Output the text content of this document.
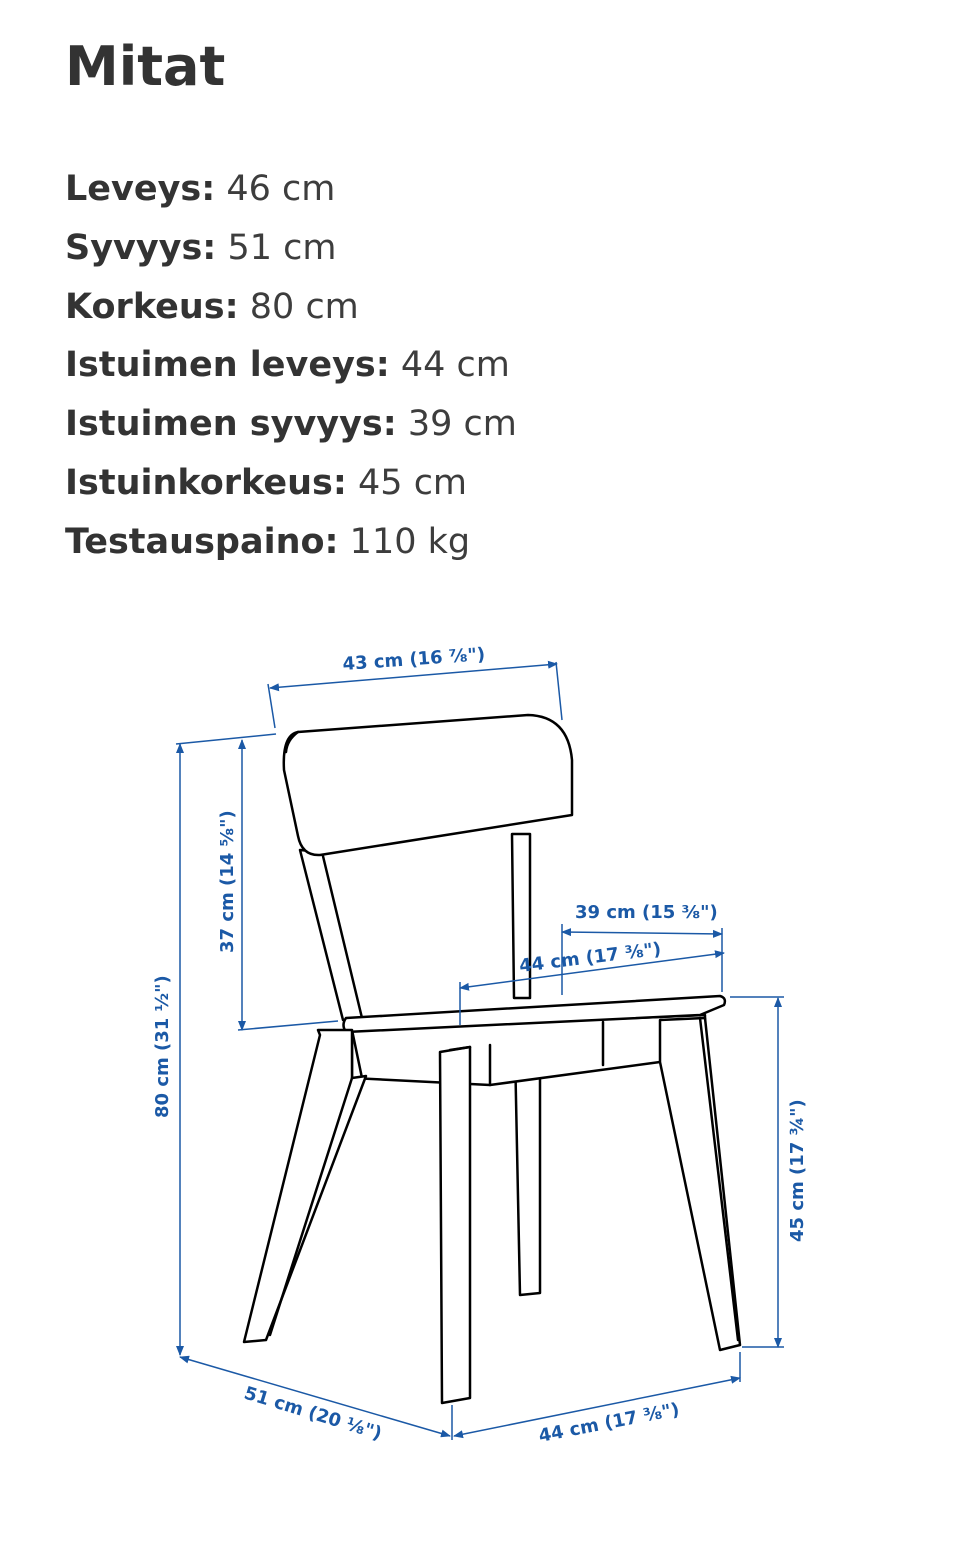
Mitat
Leveys: 46 cm
Syvyys: 51 cm
Korkeus: 80 cm
Istuimen leveys: 44 cm
Istuimen syvyys: 39 cm
Istuinkorkeus: 45 cm
Testauspaino: 110 kg
43 cm (16 ⅞")
80 cm (31 ½")
37 cm (14 ⅝")	39 cm (15 ⅜")
44 cm (17 ⅜")
45 cm (17 ¾")
51 cm (20 ⅛")	44 cm (17 ⅜")
